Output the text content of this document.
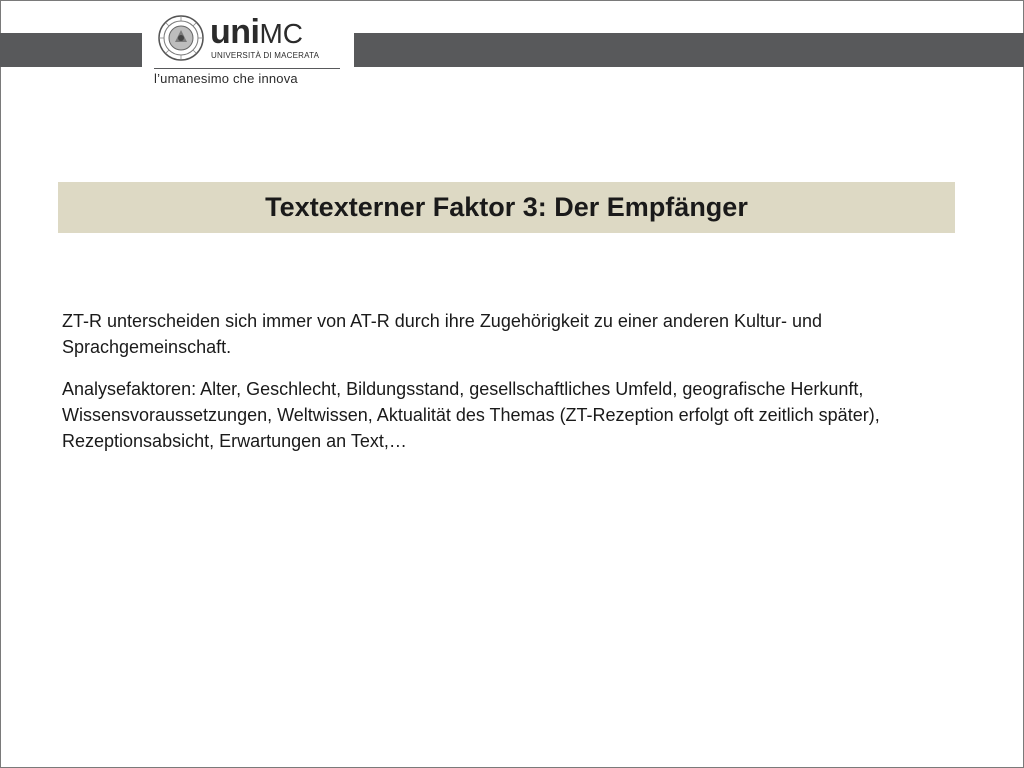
uniMC
UNIVERSITÀ DI MACERATA
l’umanesimo che innova
Textexterner Faktor 3: Der Empfänger

ZT-R unterscheiden sich immer von AT-R durch ihre Zugehörigkeit zu einer anderen Kultur- und Sprachgemeinschaft.

Analysefaktoren: Alter, Geschlecht, Bildungsstand, gesellschaftliches Umfeld, geografische Herkunft, Wissensvoraussetzungen, Weltwissen, Aktualität des Themas (ZT-Rezeption erfolgt oft zeitlich später), Rezeptionsabsicht, Erwartungen an Text,…
